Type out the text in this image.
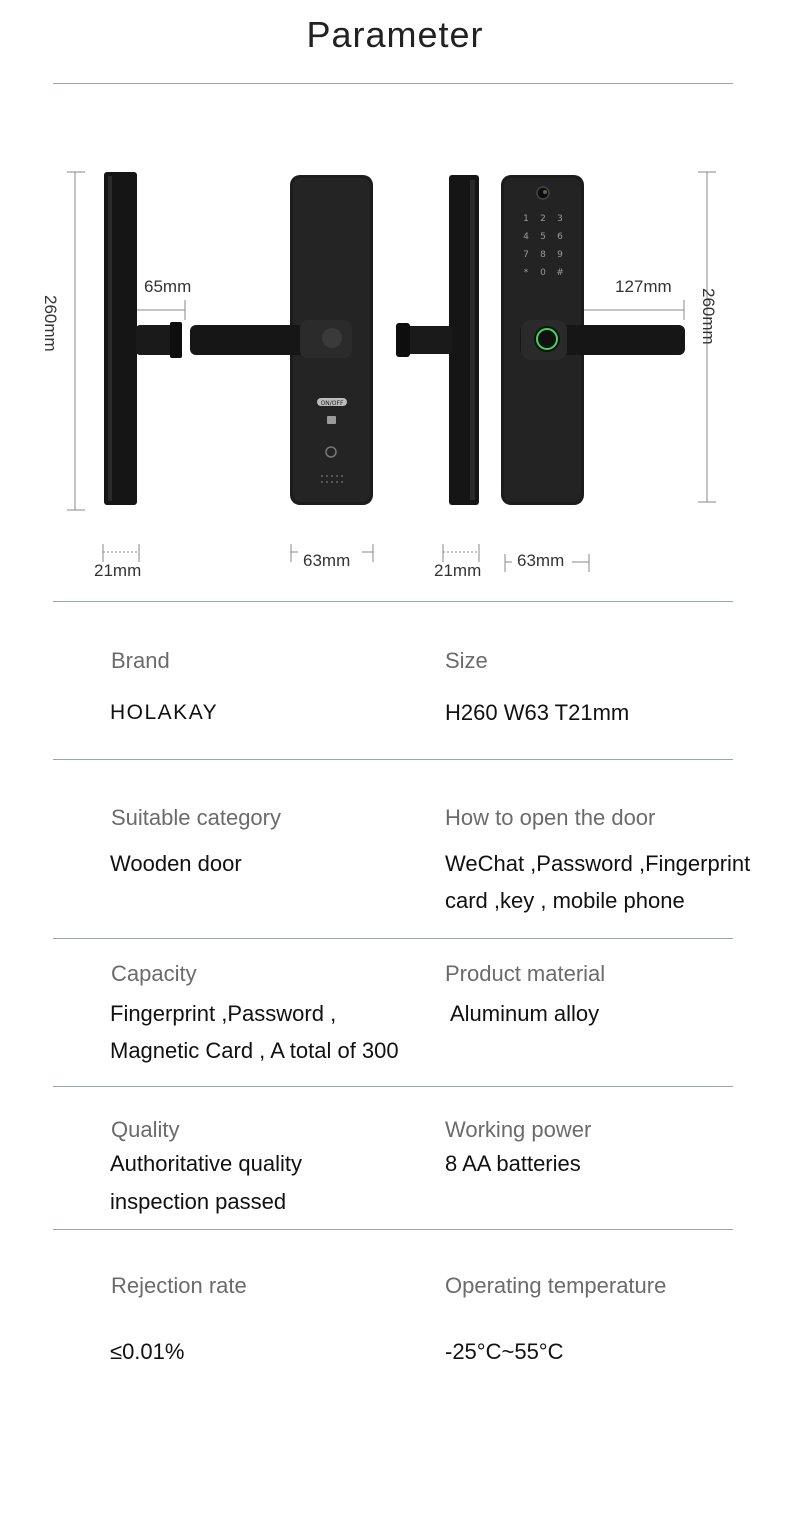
Parameter
ON/OFF
1 2 3
4 5 6
7 8 9
* 0 #
260mm
65mm
21mm
63mm
21mm
63mm
127mm
260mm
Brand
HOLAKAY
Size
H260 W63 T21mm
Suitable category
Wooden door
How to open the door
WeChat ,Password ,Fingerprint
card ,key , mobile phone
Capacity
Fingerprint ,Password ,
Magnetic Card , A total of 300
Product material
Aluminum alloy
Quality
Authoritative quality
inspection passed
Working power
8 AA batteries
Rejection rate
≤0.01%
Operating temperature
-25°C~55°C
